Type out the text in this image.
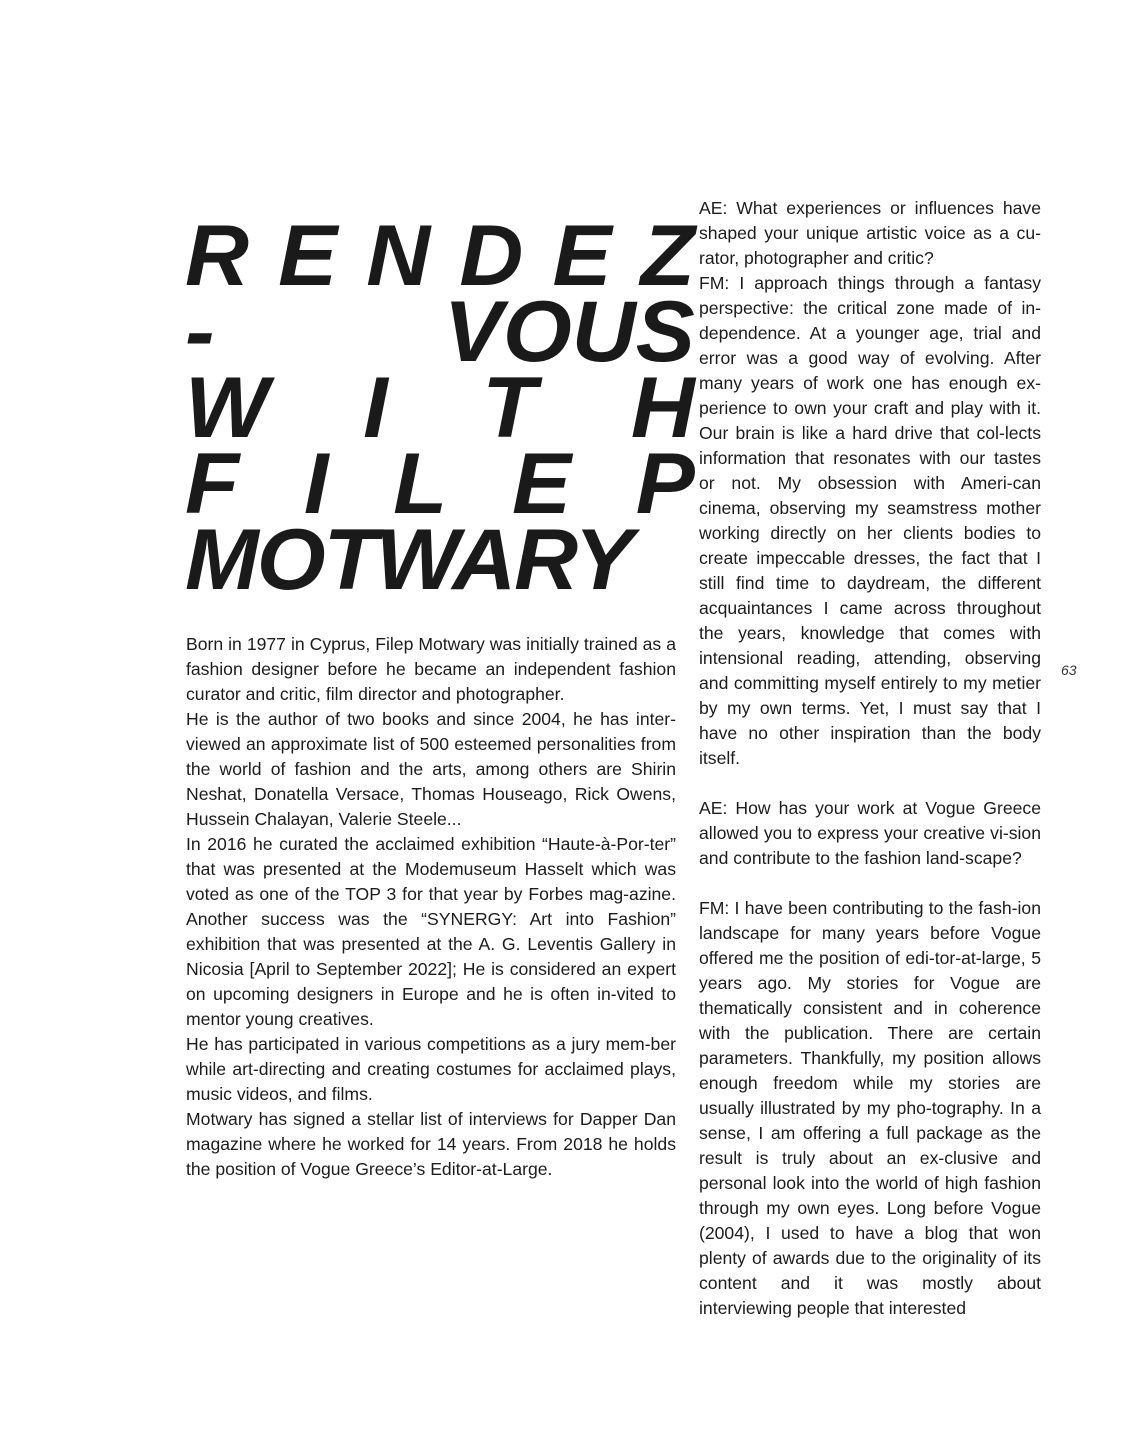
R E N D E Z
-	VOUS
W I T H
F I L E P
MOTWARY

Born in 1977 in Cyprus, Filep Motwary was initially trained as a fashion designer before he became an independent fashion curator and critic, film director and photographer.

He is the author of two books and since 2004, he has inter-viewed an approximate list of 500 esteemed personalities from the world of fashion and the arts, among others are Shirin Neshat, Donatella Versace, Thomas Houseago, Rick Owens, Hussein Chalayan, Valerie Steele...

In 2016 he curated the acclaimed exhibition “Haute-à-Por-ter” that was presented at the Modemuseum Hasselt which was voted as one of the TOP 3 for that year by Forbes mag-azine. Another success was the “SYNERGY: Art into Fashion” exhibition that was presented at the A. G. Leventis Gallery in Nicosia [April to September 2022]; He is considered an expert on upcoming designers in Europe and he is often in-vited to mentor young creatives.

He has participated in various competitions as a jury mem-ber while art-directing and creating costumes for acclaimed plays, music videos, and films.

Motwary has signed a stellar list of interviews for Dapper Dan magazine where he worked for 14 years. From 2018 he holds the position of Vogue Greece’s Editor-at-Large.

AE: What experiences or influences have shaped your unique artistic voice as a cu-rator, photographer and critic?

FM: I approach things through a fantasy perspective: the critical zone made of in-dependence. At a younger age, trial and error was a good way of evolving. After many years of work one has enough ex-perience to own your craft and play with it. Our brain is like a hard drive that col-lects information that resonates with our tastes or not. My obsession with Ameri-can cinema, observing my seamstress mother working directly on her clients bodies to create impeccable dresses, the fact that I still find time to daydream, the different acquaintances I came across throughout the years, knowledge that comes with intensional reading, attending, observing and committing myself entirely to my metier by my own terms. Yet, I must say that I have no other inspiration than the body itself.

AE: How has your work at Vogue Greece allowed you to express your creative vi-sion and contribute to the fashion land-scape?

FM: I have been contributing to the fash-ion landscape for many years before Vogue offered me the position of edi-tor-at-large, 5 years ago. My stories for Vogue are thematically consistent and in coherence with the publication. There are certain parameters. Thankfully, my position allows enough freedom while my stories are usually illustrated by my pho-tography. In a sense, I am offering a full package as the result is truly about an ex-clusive and personal look into the world of high fashion through my own eyes. Long before Vogue (2004), I used to have a blog that won plenty of awards due to the originality of its content and it was mostly about interviewing people that interested

63
